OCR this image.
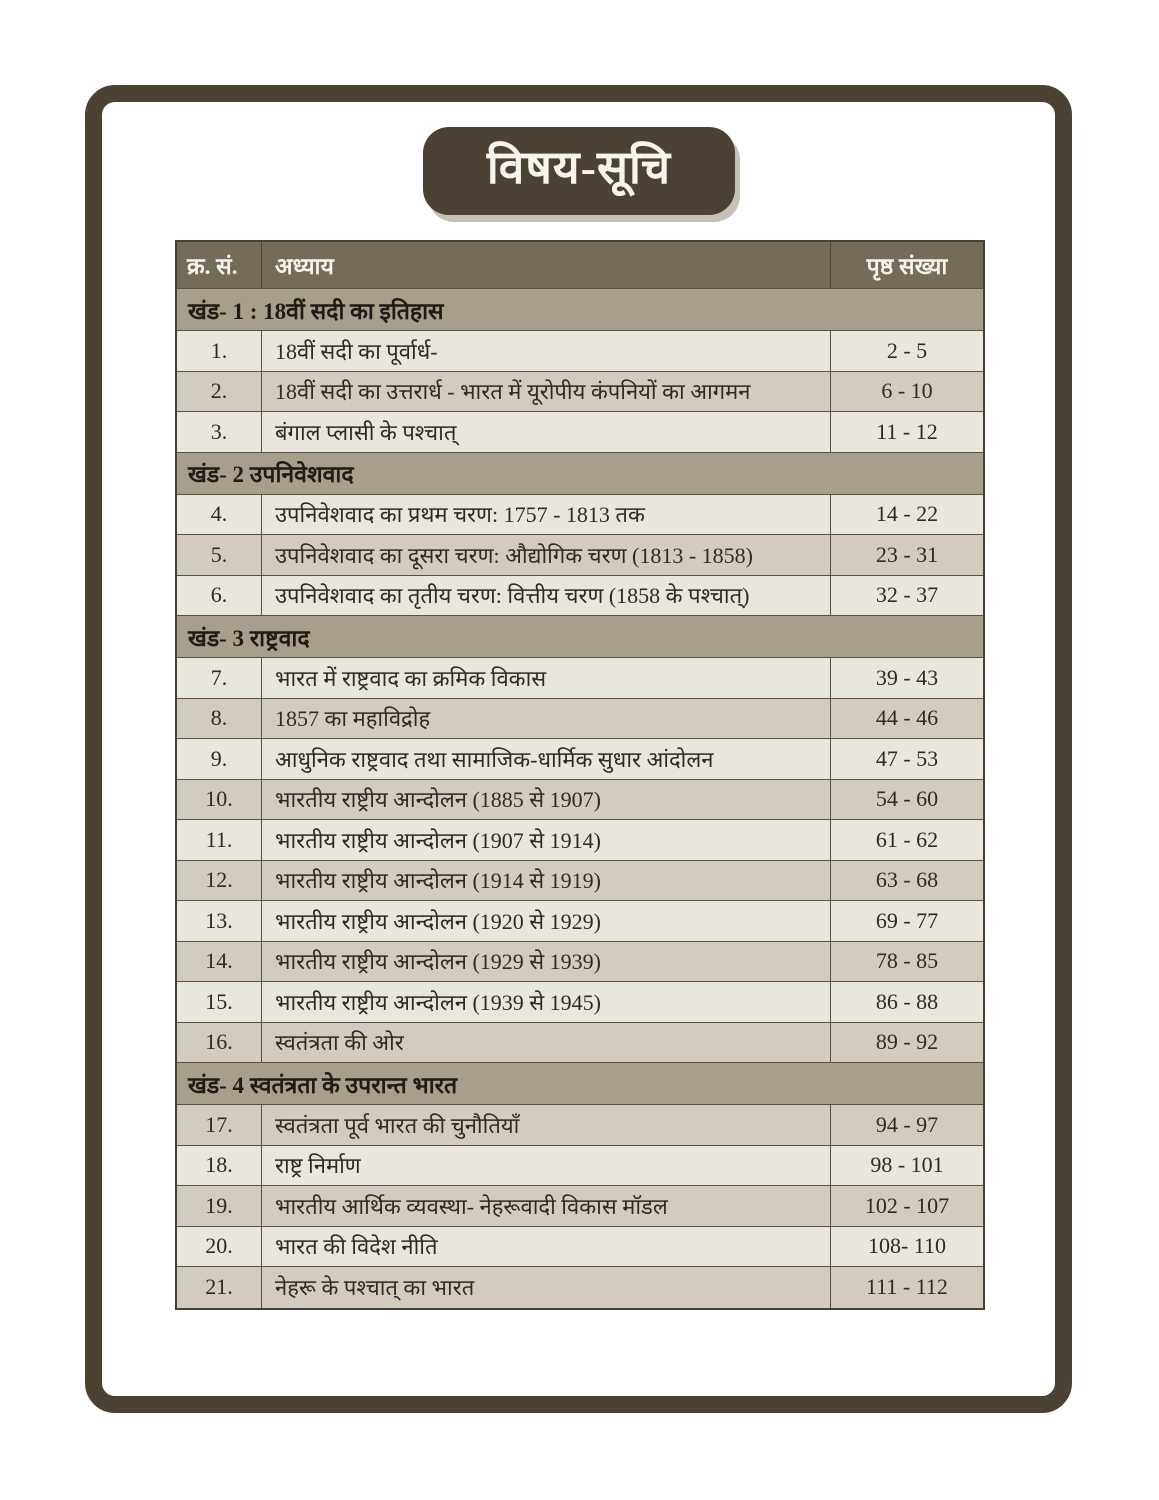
विषय-सूचि
क्र. सं.	अध्याय	पृष्ठ संख्या
खंड- 1 : 18वीं सदी का इतिहास
1.	18वीं सदी का पूर्वार्ध-	2 - 5
2.	18वीं सदी का उत्तरार्ध - भारत में यूरोपीय कंपनियों का आगमन	6 - 10
3.	बंगाल प्लासी के पश्चात्	11 - 12
खंड- 2 उपनिवेशवाद
4.	उपनिवेशवाद का प्रथम चरण: 1757 - 1813 तक	14 - 22
5.	उपनिवेशवाद का दूसरा चरण: औद्योगिक चरण (1813 - 1858)	23 - 31
6.	उपनिवेशवाद का तृतीय चरण: वित्तीय चरण (1858 के पश्चात्)	32 - 37
खंड- 3 राष्ट्रवाद
7.	भारत में राष्ट्रवाद का क्रमिक विकास	39 - 43
8.	1857 का महाविद्रोह	44 - 46
9.	आधुनिक राष्ट्रवाद तथा सामाजिक-धार्मिक सुधार आंदोलन	47 - 53
10.	भारतीय राष्ट्रीय आन्दोलन (1885 से 1907)	54 - 60
11.	भारतीय राष्ट्रीय आन्दोलन (1907 से 1914)	61 - 62
12.	भारतीय राष्ट्रीय आन्दोलन (1914 से 1919)	63 - 68
13.	भारतीय राष्ट्रीय आन्दोलन (1920 से 1929)	69 - 77
14.	भारतीय राष्ट्रीय आन्दोलन (1929 से 1939)	78 - 85
15.	भारतीय राष्ट्रीय आन्दोलन (1939 से 1945)	86 - 88
16.	स्वतंत्रता की ओर	89 - 92
खंड- 4 स्वतंत्रता के उपरान्त भारत
17.	स्वतंत्रता पूर्व भारत की चुनौतियाँ	94 - 97
18.	राष्ट्र निर्माण	98 - 101
19.	भारतीय आर्थिक व्यवस्था- नेहरूवादी विकास मॉडल	102 - 107
20.	भारत की विदेश नीति	108- 110
21.	नेहरू के पश्चात् का भारत	111 - 112
